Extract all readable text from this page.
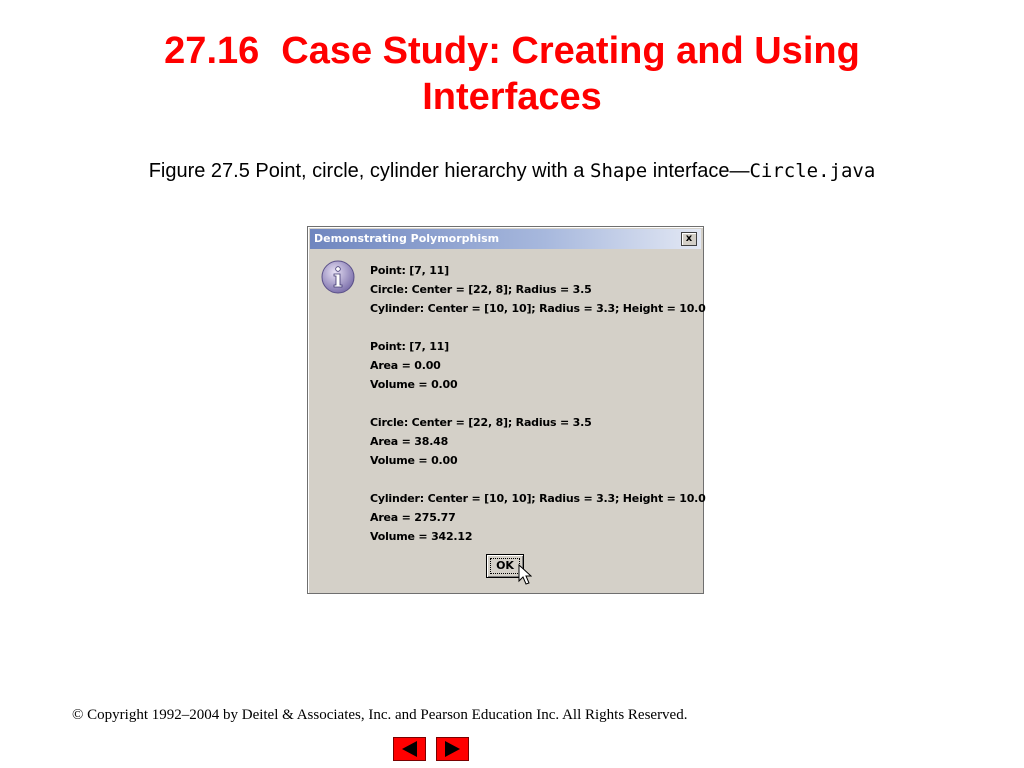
27.16 Case Study: Creating and Using
Interfaces
Figure 27.5 Point, circle, cylinder hierarchy with a Shape interface—Circle.java
Demonstrating Polymorphism	x
Point: [7, 11]
Circle: Center = [22, 8]; Radius = 3.5
Cylinder: Center = [10, 10]; Radius = 3.3; Height = 10.0
Point: [7, 11]
Area = 0.00
Volume = 0.00
Circle: Center = [22, 8]; Radius = 3.5
Area = 38.48
Volume = 0.00
Cylinder: Center = [10, 10]; Radius = 3.3; Height = 10.0
Area = 275.77
Volume = 342.12
OK
© Copyright 1992–2004 by Deitel & Associates, Inc. and Pearson Education Inc. All Rights Reserved.
